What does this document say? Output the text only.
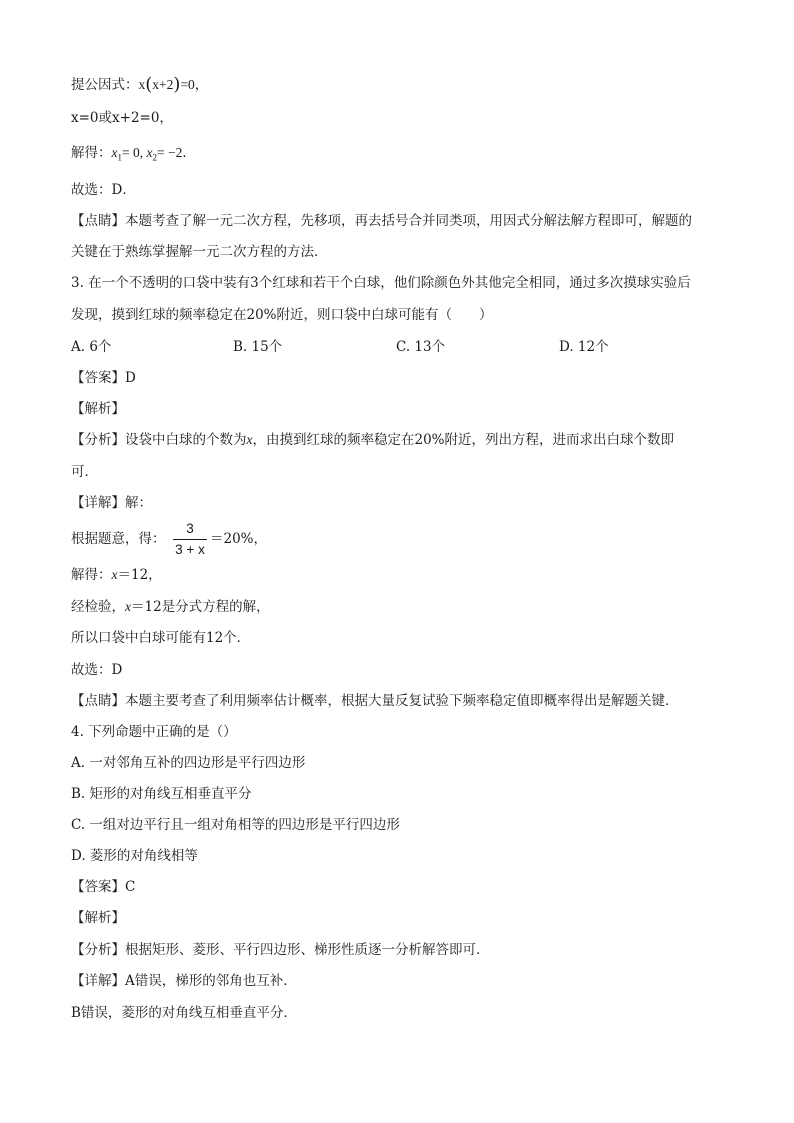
提公因式：x(x+2)=0，
x=0或x+2=0，
解得：$x_1= 0$, $x_2= -2$．
故选：D．
【点睛】本题考查了解一元二次方程，先移项，再去括号合并同类项，用因式分解法解方程即可，解题的
关键在于熟练掌握解一元二次方程的方法．
3. 在一个不透明的口袋中装有3个红球和若干个白球，他们除颜色外其他完全相同，通过多次摸球实验后
发现，摸到红球的频率稳定在20%附近，则口袋中白球可能有（　　）
A. 6个	B. 15个	C. 13个	D. 12个
【答案】D
【解析】
【分析】设袋中白球的个数为x，由摸到红球的频率稳定在20%附近，列出方程，进而求出白球个数即
可．
【详解】解：
根据题意，得：
3
3 + x
＝20%，
解得：x＝12，
经检验，x＝12是分式方程的解，
所以口袋中白球可能有12个．
故选：D
【点睛】本题主要考查了利用频率估计概率，根据大量反复试验下频率稳定值即概率得出是解题关键．
4. 下列命题中正确的是（）
A. 一对邻角互补的四边形是平行四边形
B. 矩形的对角线互相垂直平分
C. 一组对边平行且一组对角相等的四边形是平行四边形
D. 菱形的对角线相等
【答案】C
【解析】
【分析】根据矩形、菱形、平行四边形、梯形性质逐一分析解答即可．
【详解】A错误，梯形的邻角也互补．
B错误，菱形的对角线互相垂直平分．
